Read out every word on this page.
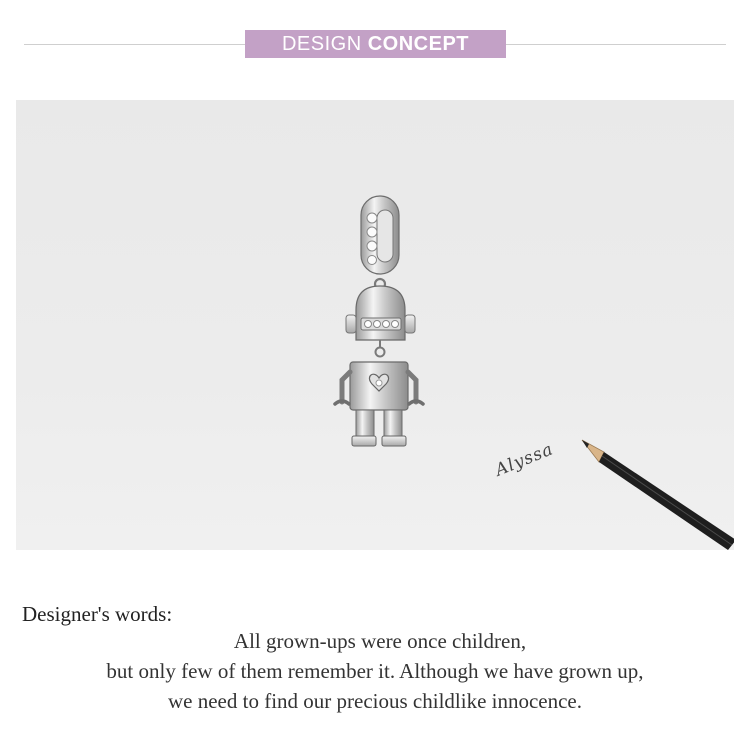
DESIGN CONCEPT
Alyssa
Designer's words:
All grown-ups were once children,
but only few of them remember it. Although we have grown up,
we need to find our precious childlike innocence.
